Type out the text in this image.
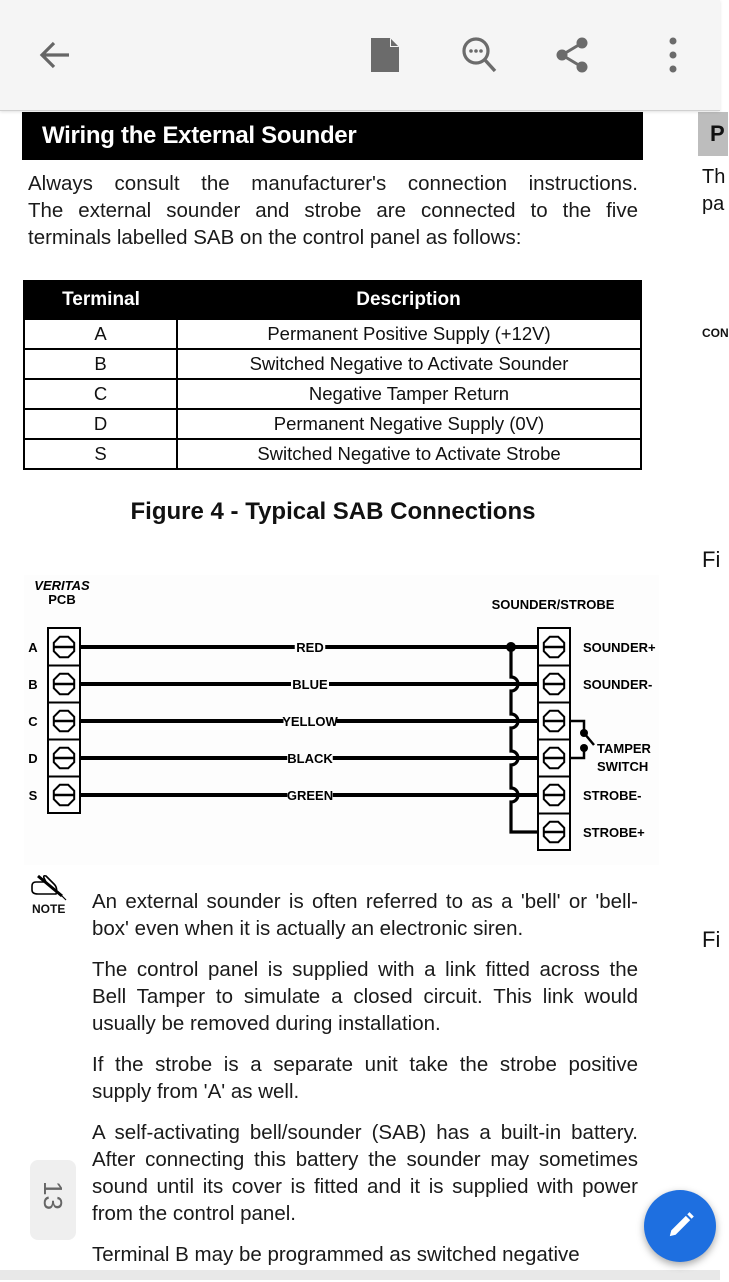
Wiring the External Sounder
Always consult the manufacturer's connection instructions.
The external sounder and strobe are connected to the five
terminals labelled SAB on the control panel as follows:
Terminal	Description
A	Permanent Positive Supply (+12V)
B	Switched Negative to Activate Sounder
C	Negative Tamper Return
D	Permanent Negative Supply (0V)
S	Switched Negative to Activate Strobe
Figure 4 - Typical SAB Connections
VERITAS
PCB	SOUNDER/STROBE
TAMPER
SWITCH
A
B
C
D
S
SOUNDER+
SOUNDER-
STROBE-
STROBE+
RED
BLUE
YELLOW
BLACK
GREEN
NOTE An external sounder is often referred to as a 'bell' or 'bell-box' even when it is actually an electronic siren.

The control panel is supplied with a link fitted across the Bell Tamper to simulate a closed circuit. This link would usually be removed during installation.

If the strobe is a separate unit take the strobe positive supply from 'A' as well.

A self-activating bell/sounder (SAB) has a built-in battery. After connecting this battery the sounder may sometimes sound until its cover is fitted and it is supplied with power from the control panel.

Terminal B may be programmed as switched negative

P
Th
pa
CON
Fi
Fi
13
